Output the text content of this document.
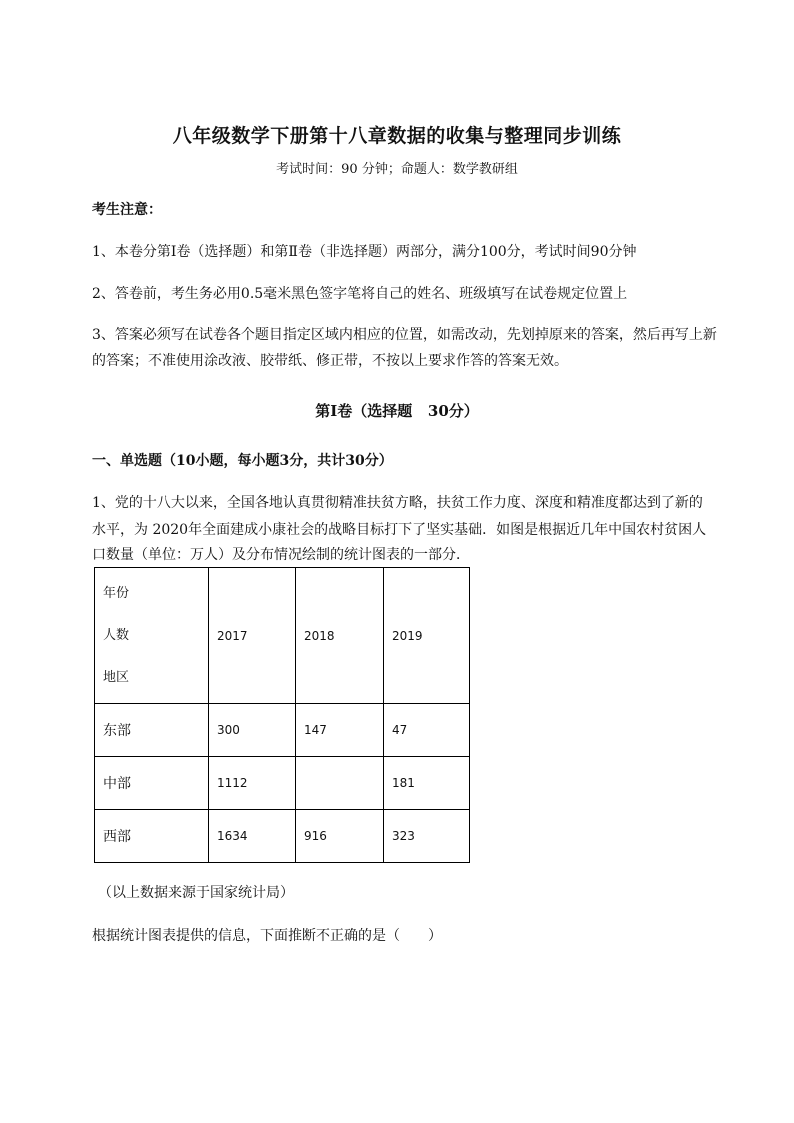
八年级数学下册第十八章数据的收集与整理同步训练
考试时间：90 分钟；命题人：数学教研组
考生注意：
1、本卷分第Ⅰ卷（选择题）和第Ⅱ卷（非选择题）两部分，满分100分，考试时间90分钟
2、答卷前，考生务必用0.5毫米黑色签字笔将自己的姓名、班级填写在试卷规定位置上
3、答案必须写在试卷各个题目指定区域内相应的位置，如需改动，先划掉原来的答案，然后再写上新
的答案；不准使用涂改液、胶带纸、修正带，不按以上要求作答的答案无效。
第Ⅰ卷（选择题   30分）
一、单选题（10小题，每小题3分，共计30分）
1、党的十八大以来，全国各地认真贯彻精准扶贫方略，扶贫工作力度、深度和精准度都达到了新的
水平，为 2020年全面建成小康社会的战略目标打下了坚实基础．如图是根据近几年中国农村贫困人
口数量（单位：万人）及分布情况绘制的统计图表的一部分．
年份
人数
地区	2017	2018	2019
东部	300	147	47
中部	1112		181
西部	1634	916	323
（以上数据来源于国家统计局）
根据统计图表提供的信息，下面推断不正确的是（　　）
